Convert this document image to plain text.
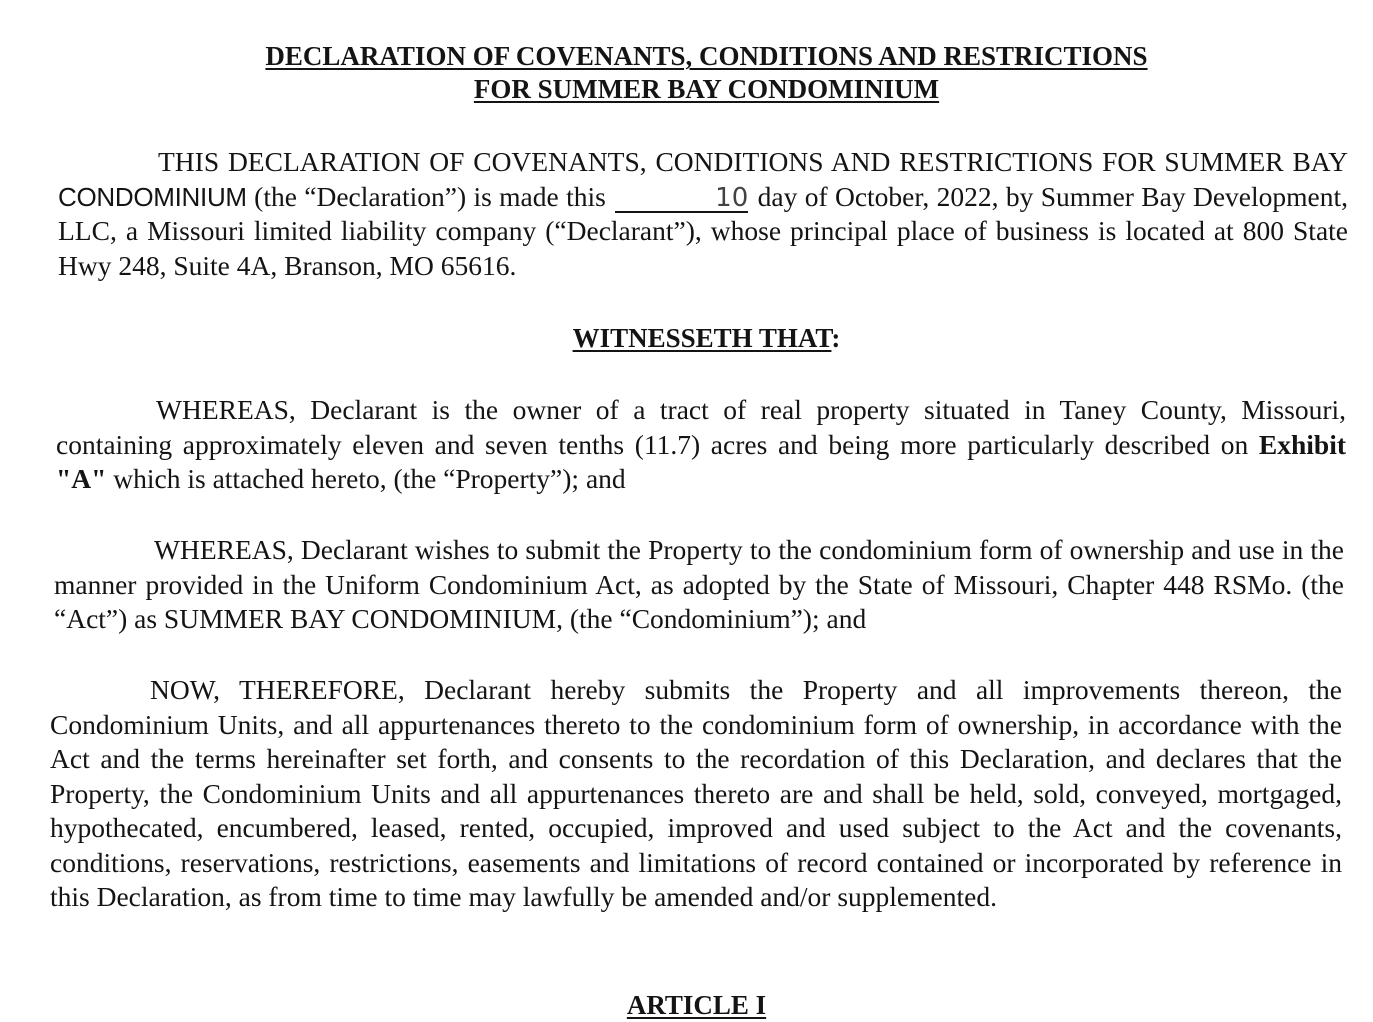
DECLARATION OF COVENANTS, CONDITIONS AND RESTRICTIONS
FOR SUMMER BAY CONDOMINIUM

THIS DECLARATION OF COVENANTS, CONDITIONS AND RESTRICTIONS FOR SUMMER BAY CONDOMINIUM (the “Declaration”) is made this	10 day of October, 2022, by Summer Bay Development, LLC, a Missouri limited liability company (“Declarant”), whose principal place of business is located at 800 State Hwy 248, Suite 4A, Branson, MO 65616.

WITNESSETH THAT:

WHEREAS, Declarant is the owner of a tract of real property situated in Taney County, Missouri, containing approximately eleven and seven tenths (11.7) acres and being more particularly described on Exhibit "A" which is attached hereto, (the “Property”); and

WHEREAS, Declarant wishes to submit the Property to the condominium form of ownership and use in the manner provided in the Uniform Condominium Act, as adopted by the State of Missouri, Chapter 448 RSMo. (the “Act”) as SUMMER BAY CONDOMINIUM, (the “Condominium”); and

NOW, THEREFORE, Declarant hereby submits the Property and all improvements thereon, the Condominium Units, and all appurtenances thereto to the condominium form of ownership, in accordance with the Act and the terms hereinafter set forth, and consents to the recordation of this Declaration, and declares that the Property, the Condominium Units and all appurtenances thereto are and shall be held, sold, conveyed, mortgaged, hypothecated, encumbered, leased, rented, occupied, improved and used subject to the Act and the covenants, conditions, reservations, restrictions, easements and limitations of record contained or incorporated by reference in this Declaration, as from time to time may lawfully be amended and/or supplemented.

ARTICLE I
